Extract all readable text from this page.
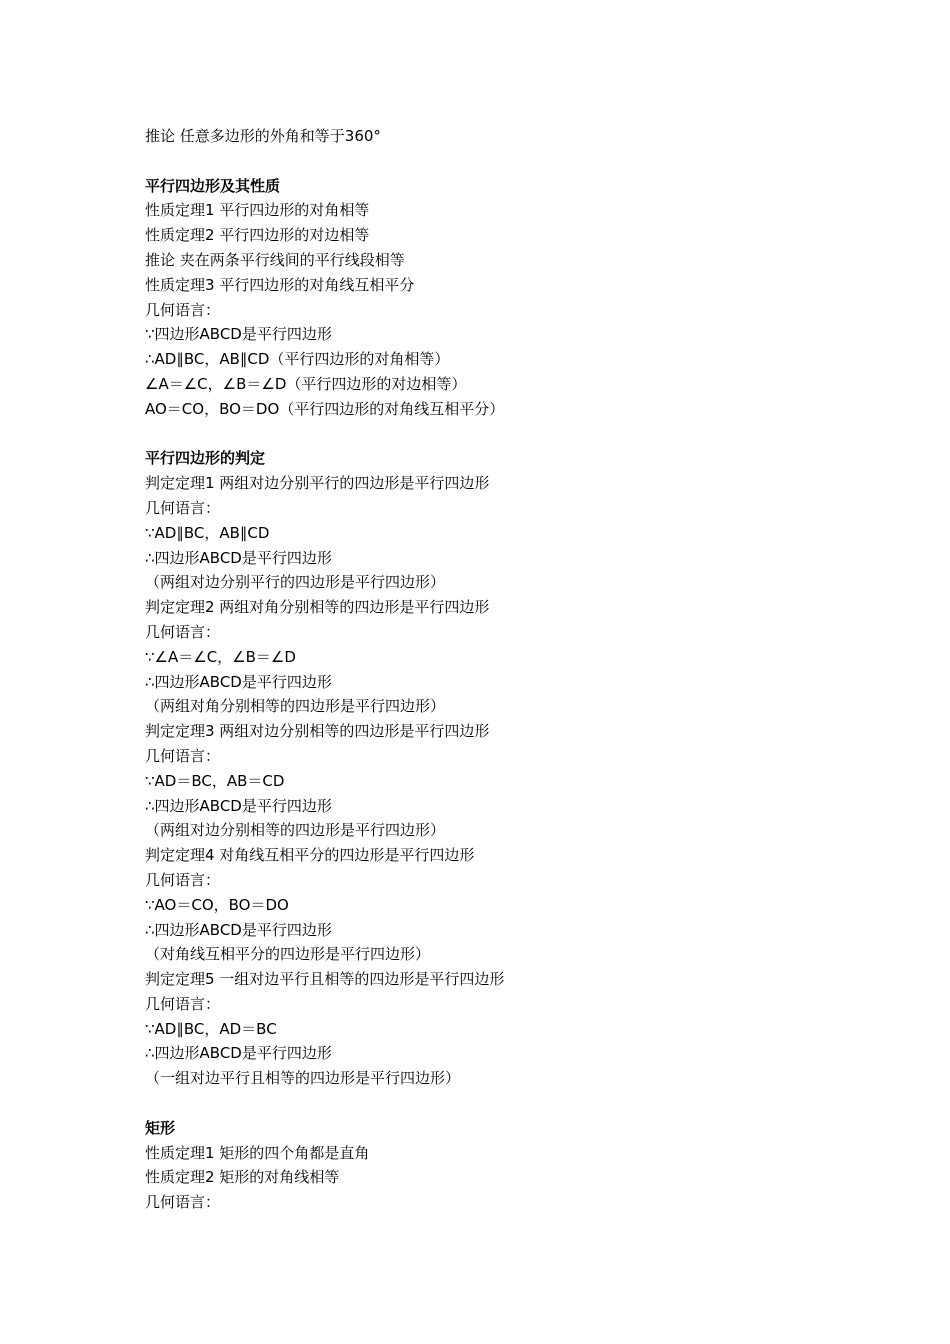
推论 任意多边形的外角和等于360°
平行四边形及其性质
性质定理1 平行四边形的对角相等
性质定理2 平行四边形的对边相等
推论 夹在两条平行线间的平行线段相等
性质定理3 平行四边形的对角线互相平分
几何语言：
∵四边形ABCD是平行四边形
∴AD∥BC，AB∥CD（平行四边形的对角相等）
∠A＝∠C，∠B＝∠D（平行四边形的对边相等）
AO＝CO，BO＝DO（平行四边形的对角线互相平分）
平行四边形的判定
判定定理1 两组对边分别平行的四边形是平行四边形
几何语言：
∵AD∥BC，AB∥CD
∴四边形ABCD是平行四边形
（两组对边分别平行的四边形是平行四边形）
判定定理2 两组对角分别相等的四边形是平行四边形
几何语言：
∵∠A＝∠C，∠B＝∠D
∴四边形ABCD是平行四边形
（两组对角分别相等的四边形是平行四边形）
判定定理3 两组对边分别相等的四边形是平行四边形
几何语言：
∵AD＝BC，AB＝CD
∴四边形ABCD是平行四边形
（两组对边分别相等的四边形是平行四边形）
判定定理4 对角线互相平分的四边形是平行四边形
几何语言：
∵AO＝CO，BO＝DO
∴四边形ABCD是平行四边形
（对角线互相平分的四边形是平行四边形）
判定定理5 一组对边平行且相等的四边形是平行四边形
几何语言：
∵AD∥BC，AD＝BC
∴四边形ABCD是平行四边形
（一组对边平行且相等的四边形是平行四边形）
矩形
性质定理1 矩形的四个角都是直角
性质定理2 矩形的对角线相等
几何语言：
